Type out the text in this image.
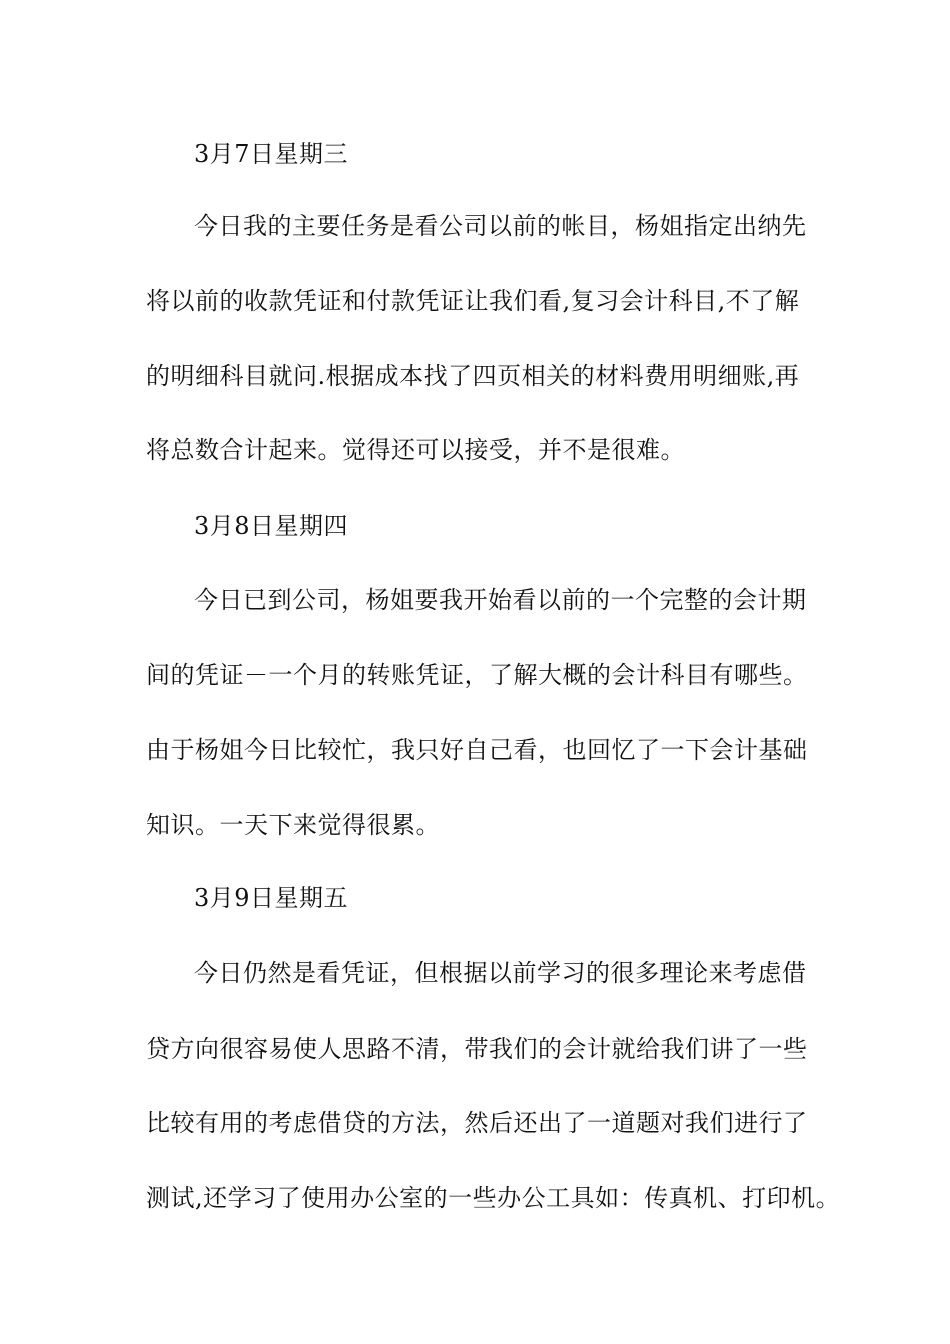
3月7日星期三
今日我的主要任务是看公司以前的帐目，杨姐指定出纳先
将以前的收款凭证和付款凭证让我们看,复习会计科目,不了解
的明细科目就问.根据成本找了四页相关的材料费用明细账,再
将总数合计起来。觉得还可以接受，并不是很难。
3月8日星期四
今日已到公司，杨姐要我开始看以前的一个完整的会计期
间的凭证－一个月的转账凭证，了解大概的会计科目有哪些。
由于杨姐今日比较忙，我只好自己看，也回忆了一下会计基础
知识。一天下来觉得很累。
3月9日星期五
今日仍然是看凭证，但根据以前学习的很多理论来考虑借
贷方向很容易使人思路不清，带我们的会计就给我们讲了一些
比较有用的考虑借贷的方法，然后还出了一道题对我们进行了
测试,还学习了使用办公室的一些办公工具如：传真机、打印机。
